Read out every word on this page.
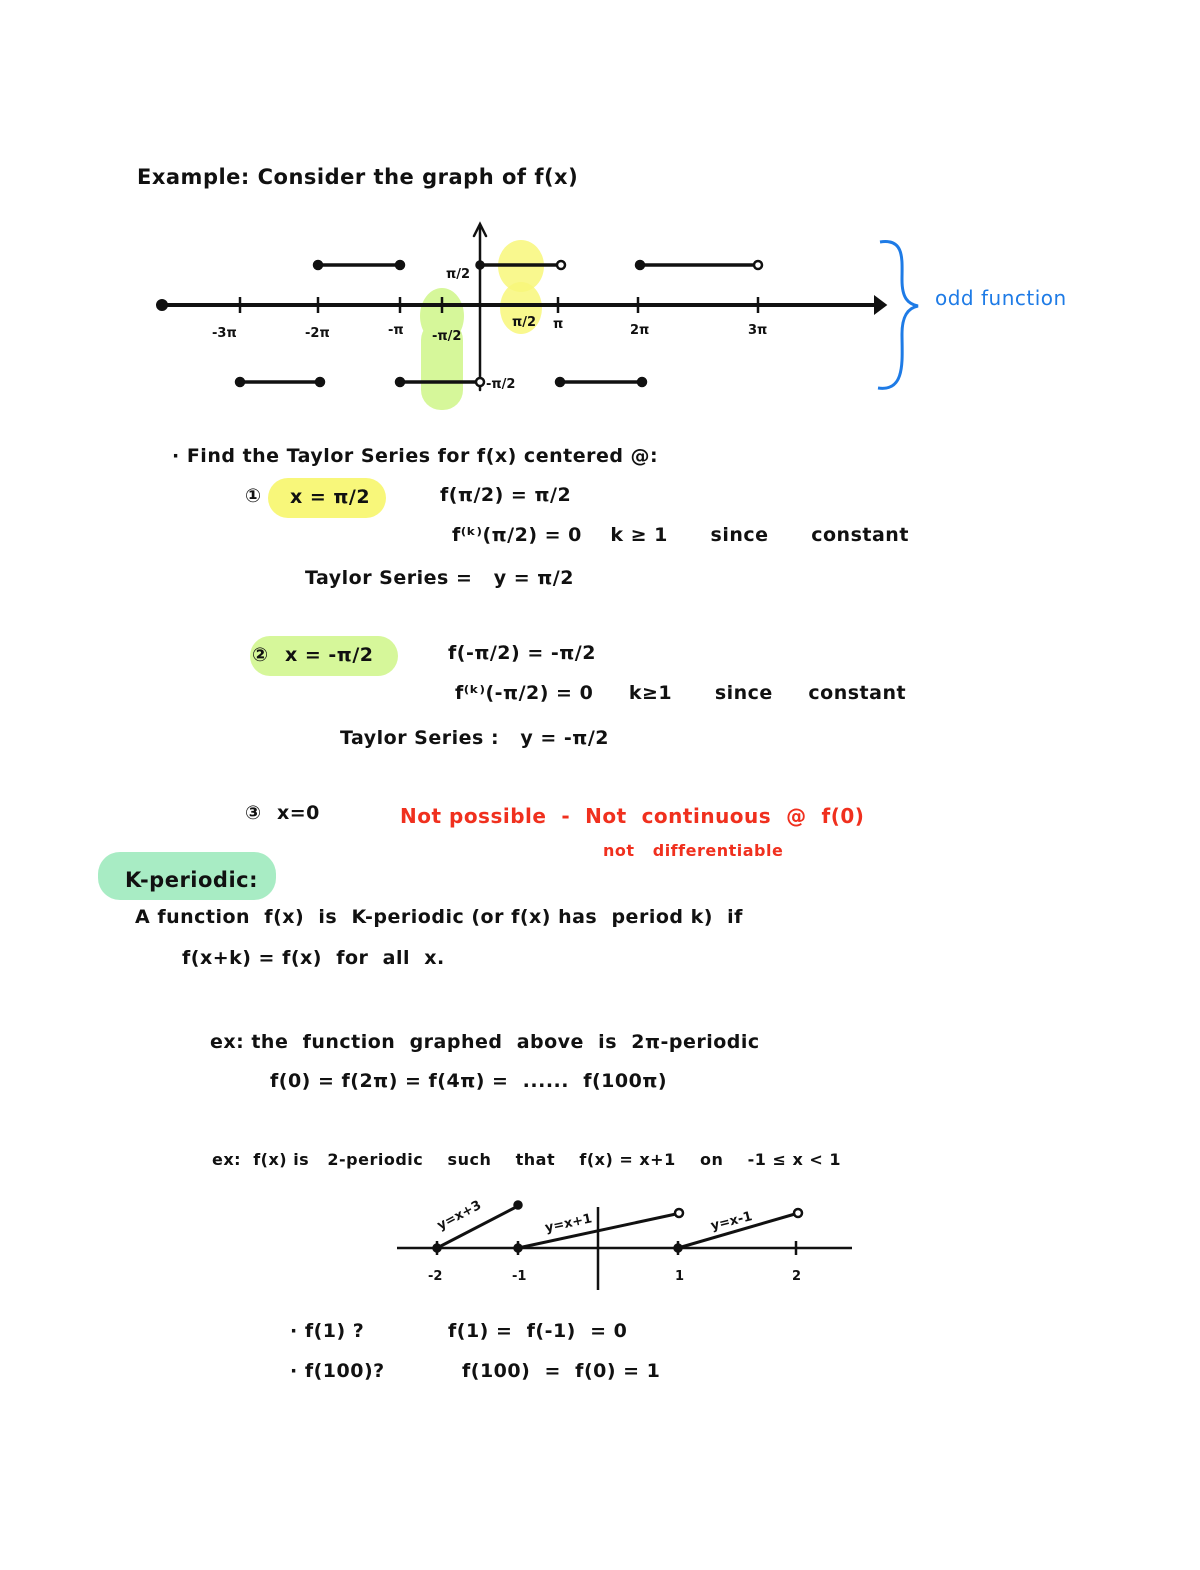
Example: Consider the graph of f(x)
-3π	-2π	-π -π/2
π/2 π	2π	3π
π/2
-π/2
-2	-1	1	2
y=x+3	y=x+1	y=x-1
odd function
· Find the Taylor Series for f(x) centered @:
① x = π/2	f(π/2) = π/2
f⁽ᵏ⁾(π/2) = 0    k ≥ 1      since      constant
Taylor Series =   y = π/2
② x = -π/2	f(-π/2) = -π/2
f⁽ᵏ⁾(-π/2) = 0     k≥1      since     constant
Taylor Series :   y = -π/2
③ x=0	Not possible  -  Not  continuous  @  f(0)
not   differentiable
K-periodic:
A function  f(x)  is  K-periodic (or f(x) has  period k)  if
f(x+k) = f(x)  for  all  x.
ex: the  function  graphed  above  is  2π-periodic
f(0) = f(2π) = f(4π) =  ......  f(100π)
ex:  f(x) is   2-periodic    such    that    f(x) = x+1    on    -1 ≤ x < 1
· f(1) ?	f(1) =  f(-1)  = 0
· f(100)?	f(100)  =  f(0) = 1
